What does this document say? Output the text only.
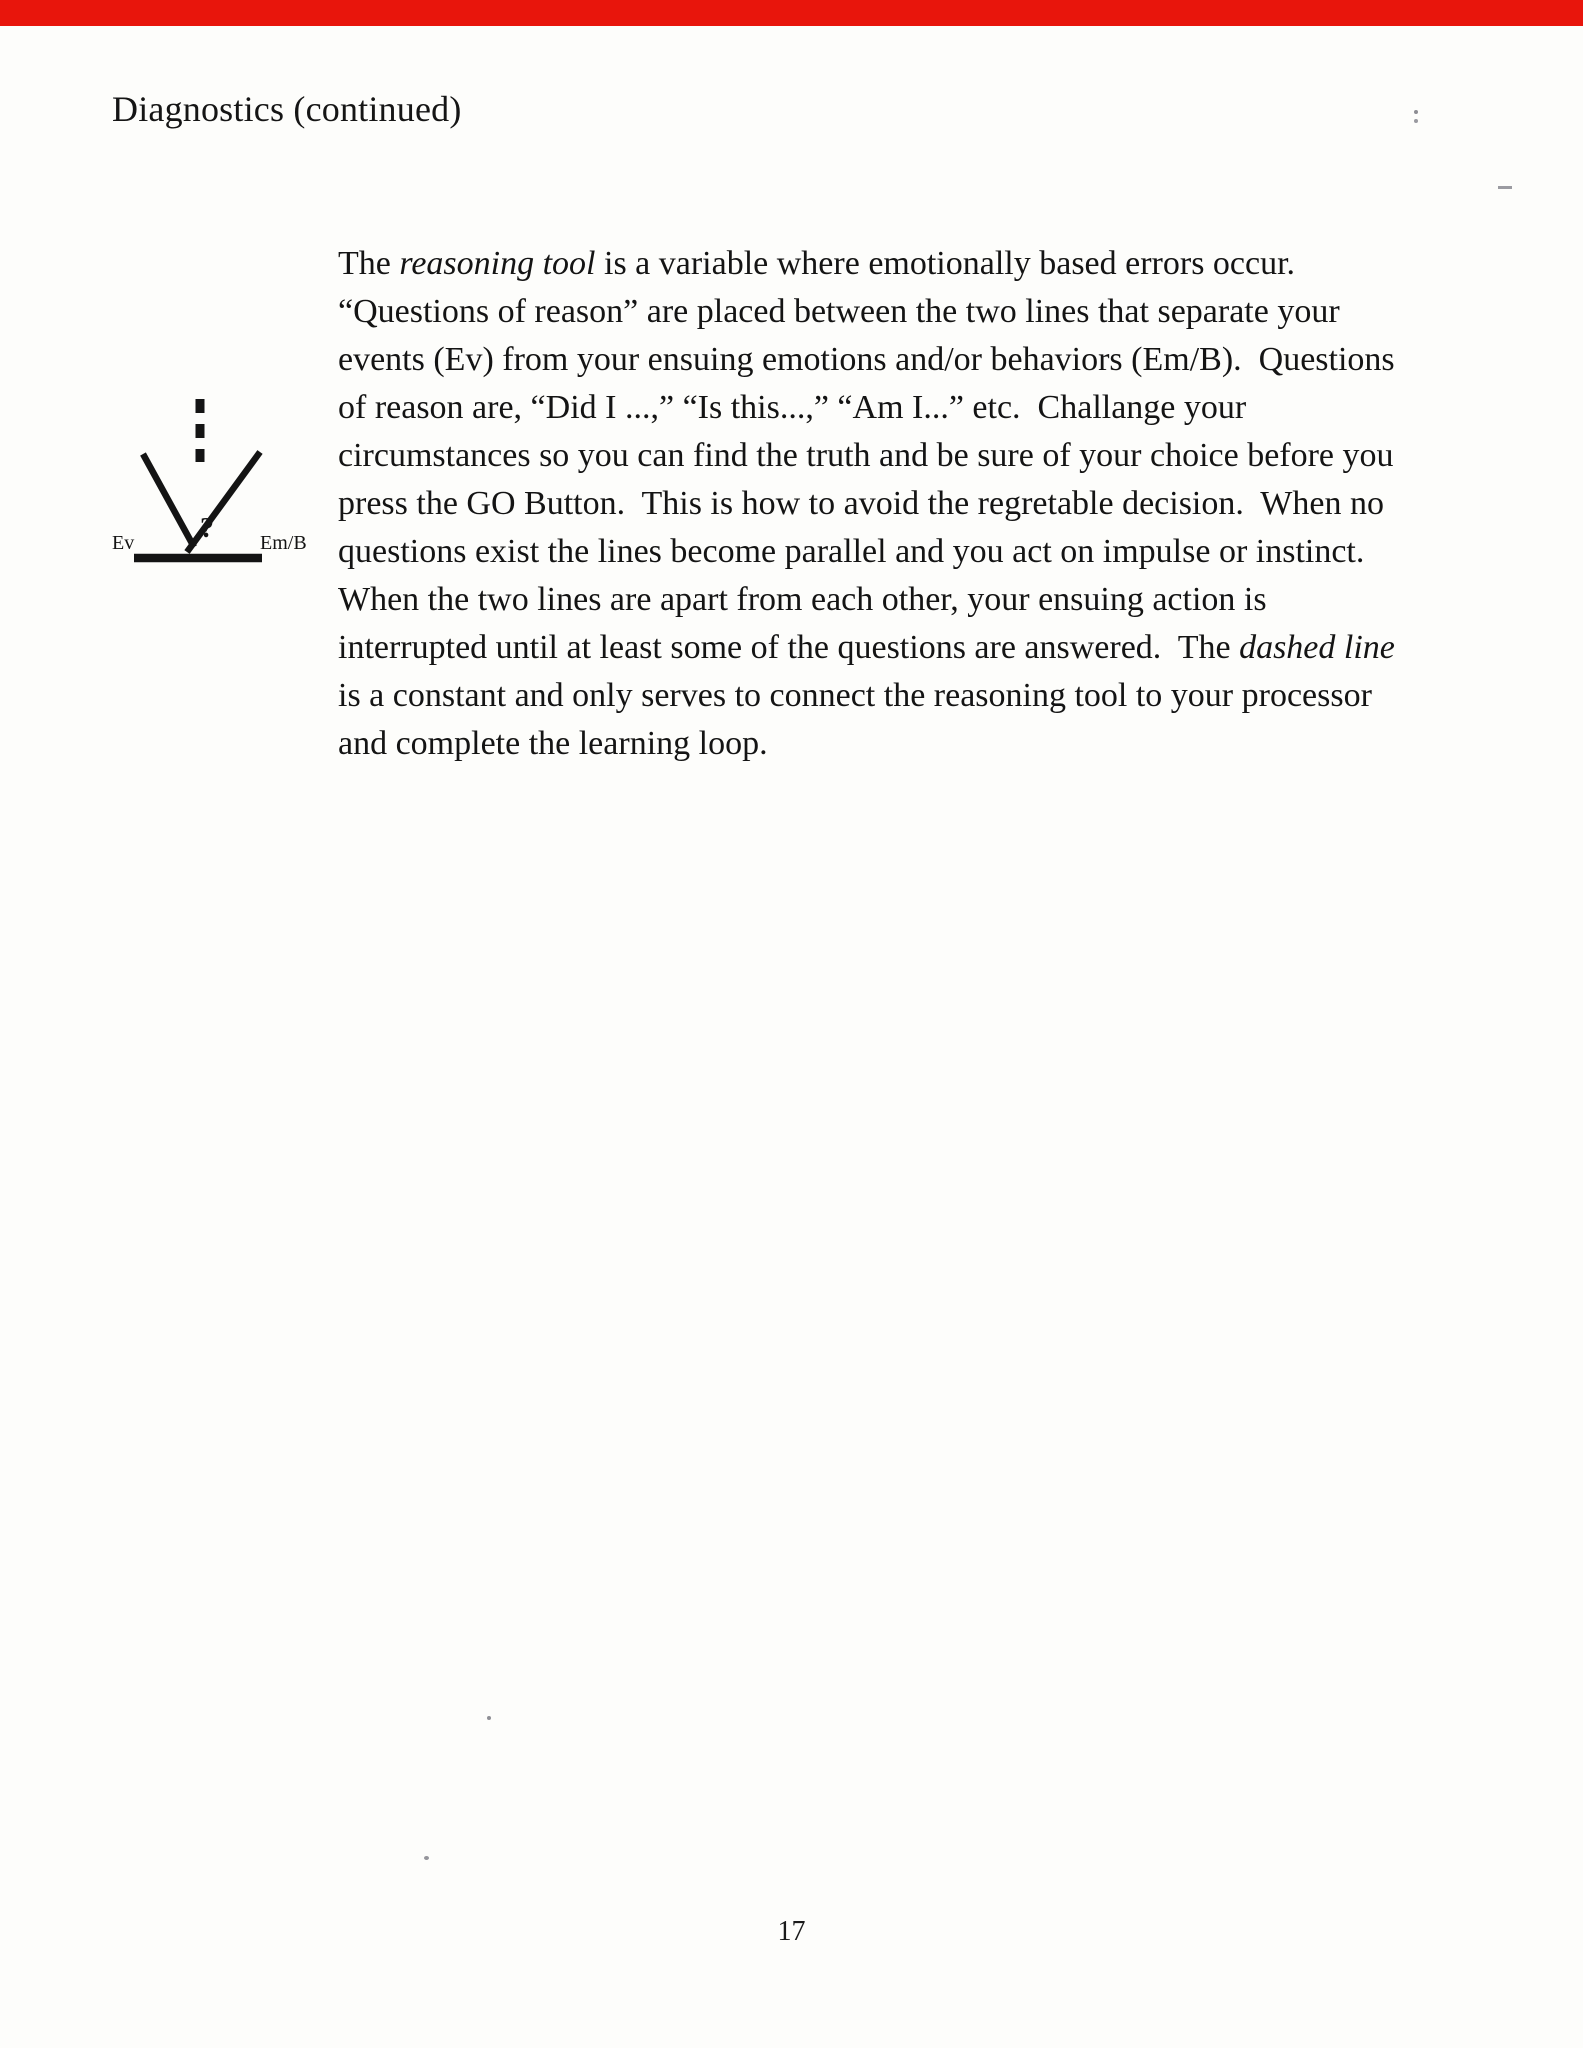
Diagnostics (continued)
?
Ev	Em/B
The reasoning tool is a variable where emotionally based errors occur.  “Questions of reason” are placed between the two lines that separate your events (Ev) from your ensuing emotions and/or behaviors (Em/B).  Questions of reason are, “Did I ...,” “Is this...,” “Am I...” etc.  Challange your circumstances so you can find the truth and be sure of your choice before you press the GO Button.  This is how to avoid the regretable decision.  When no questions exist the lines become parallel and you act on impulse or instinct.  When the two lines are apart from each other, your ensuing action is interrupted until at least some of the questions are answered.  The dashed line is a constant and only serves to connect the reasoning tool to your processor and complete the learning loop.
17
